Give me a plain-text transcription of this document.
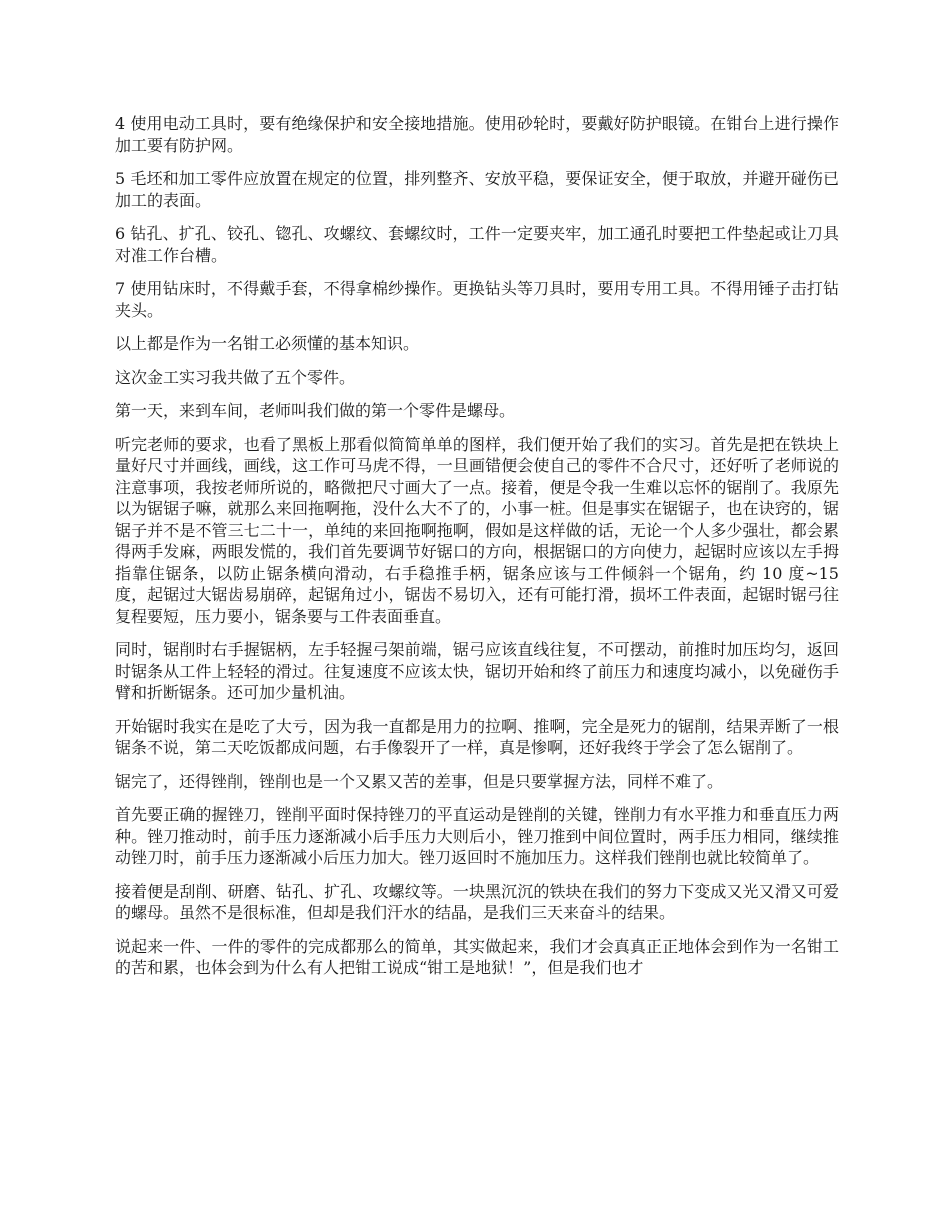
4 使用电动工具时，要有绝缘保护和安全接地措施。使用砂轮时，要戴好防护眼镜。在钳台上进行操作加工要有防护网。

5 毛坯和加工零件应放置在规定的位置，排列整齐、安放平稳，要保证安全，便于取放，并避开碰伤已加工的表面。

6 钻孔、扩孔、铰孔、锪孔、攻螺纹、套螺纹时，工件一定要夹牢，加工通孔时要把工件垫起或让刀具对准工作台槽。

7 使用钻床时，不得戴手套，不得拿棉纱操作。更换钻头等刀具时，要用专用工具。不得用锤子击打钻夹头。

以上都是作为一名钳工必须懂的基本知识。

这次金工实习我共做了五个零件。

第一天，来到车间，老师叫我们做的第一个零件是螺母。

听完老师的要求，也看了黑板上那看似简简单单的图样，我们便开始了我们的实习。首先是把在铁块上量好尺寸并画线，画线，这工作可马虎不得，一旦画错便会使自己的零件不合尺寸，还好听了老师说的注意事项，我按老师所说的，略微把尺寸画大了一点。接着，便是令我一生难以忘怀的锯削了。我原先以为锯锯子嘛，就那么来回拖啊拖，没什么大不了的，小事一桩。但是事实在锯锯子，也在诀窍的，锯锯子并不是不管三七二十一，单纯的来回拖啊拖啊，假如是这样做的话，无论一个人多少强壮，都会累得两手发麻，两眼发慌的，我们首先要调节好锯口的方向，根据锯口的方向使力，起锯时应该以左手拇指靠住锯条，以防止锯条横向滑动，右手稳推手柄，锯条应该与工件倾斜一个锯角，约 10 度~15 度，起锯过大锯齿易崩碎，起锯角过小，锯齿不易切入，还有可能打滑，损坏工件表面，起锯时锯弓往复程要短，压力要小，锯条要与工件表面垂直。

同时，锯削时右手握锯柄，左手轻握弓架前端，锯弓应该直线往复，不可摆动，前推时加压均匀，返回时锯条从工件上轻轻的滑过。往复速度不应该太快，锯切开始和终了前压力和速度均减小，以免碰伤手臂和折断锯条。还可加少量机油。

开始锯时我实在是吃了大亏，因为我一直都是用力的拉啊、推啊，完全是死力的锯削，结果弄断了一根锯条不说，第二天吃饭都成问题，右手像裂开了一样，真是惨啊，还好我终于学会了怎么锯削了。

锯完了，还得锉削，锉削也是一个又累又苦的差事，但是只要掌握方法，同样不难了。

首先要正确的握锉刀，锉削平面时保持锉刀的平直运动是锉削的关键，锉削力有水平推力和垂直压力两种。锉刀推动时，前手压力逐渐减小后手压力大则后小，锉刀推到中间位置时，两手压力相同，继续推动锉刀时，前手压力逐渐减小后压力加大。锉刀返回时不施加压力。这样我们锉削也就比较简单了。

接着便是刮削、研磨、钻孔、扩孔、攻螺纹等。一块黑沉沉的铁块在我们的努力下变成又光又滑又可爱的螺母。虽然不是很标准，但却是我们汗水的结晶，是我们三天来奋斗的结果。

说起来一件、一件的零件的完成都那么的简单，其实做起来，我们才会真真正正地体会到作为一名钳工的苦和累，也体会到为什么有人把钳工说成“钳工是地狱！”，但是我们也才
